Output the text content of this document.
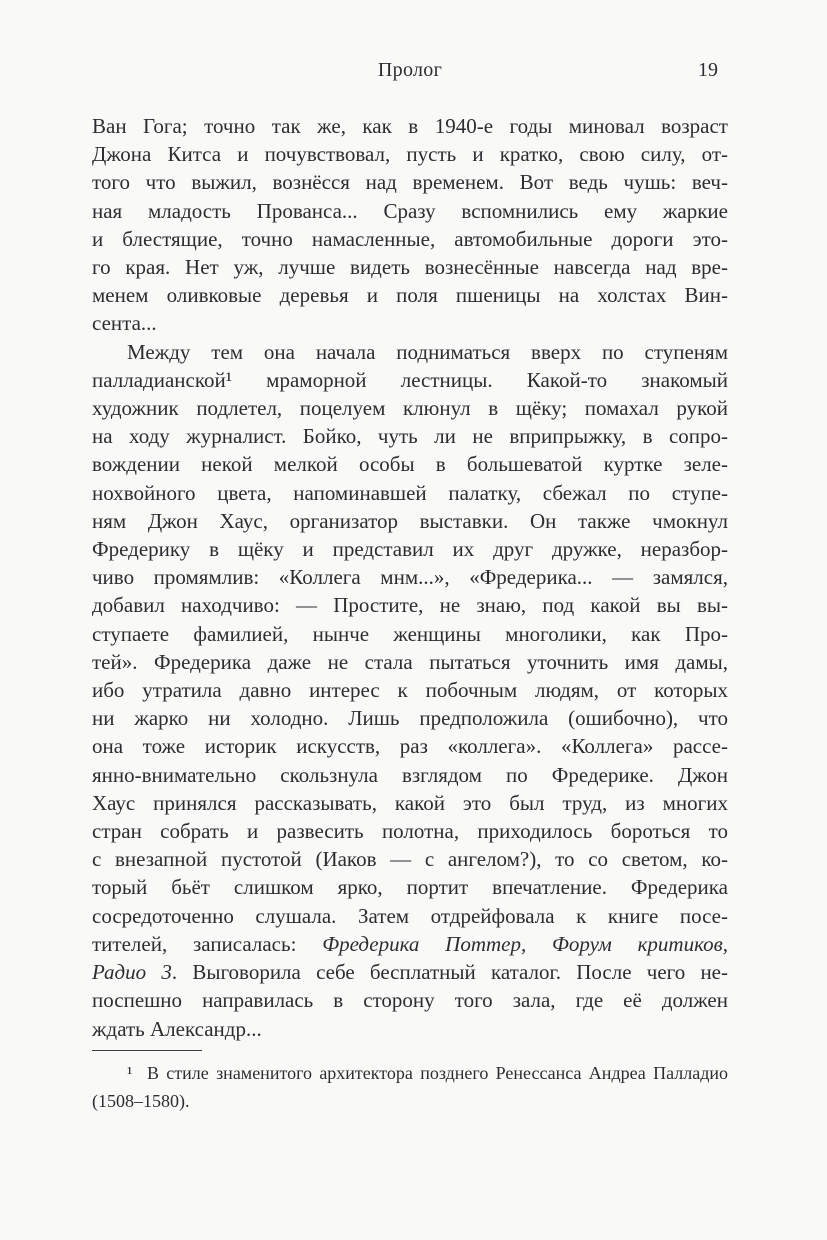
Пролог	19
Ван Гога; точно так же, как в 1940-е годы миновал возраст
Джона Китса и почувствовал, пусть и кратко, свою силу, от-
того что выжил, вознёсся над временем. Вот ведь чушь: веч-
ная младость Прованса... Сразу вспомнились ему жаркие
и блестящие, точно намасленные, автомобильные дороги это-
го края. Нет уж, лучше видеть вознесённые навсегда над вре-
менем оливковые деревья и поля пшеницы на холстах Вин-
сента...
Между тем она начала подниматься вверх по ступеням
палладианской¹ мраморной лестницы. Какой-то знакомый
художник подлетел, поцелуем клюнул в щёку; помахал рукой
на ходу журналист. Бойко, чуть ли не вприпрыжку, в сопро-
вождении некой мелкой особы в большеватой куртке зеле-
нохвойного цвета, напоминавшей палатку, сбежал по ступе-
ням Джон Хаус, организатор выставки. Он также чмокнул
Фредерику в щёку и представил их друг дружке, неразбор-
чиво промямлив: «Коллега мнм...», «Фредерика... — замялся,
добавил находчиво: — Простите, не знаю, под какой вы вы-
ступаете фамилией, нынче женщины многолики, как Про-
тей». Фредерика даже не стала пытаться уточнить имя дамы,
ибо утратила давно интерес к побочным людям, от которых
ни жарко ни холодно. Лишь предположила (ошибочно), что
она тоже историк искусств, раз «коллега». «Коллега» рассе-
янно-внимательно скользнула взглядом по Фредерике. Джон
Хаус принялся рассказывать, какой это был труд, из многих
стран собрать и развесить полотна, приходилось бороться то
с внезапной пустотой (Иаков — с ангелом?), то со светом, ко-
торый бьёт слишком ярко, портит впечатление. Фредерика
сосредоточенно слушала. Затем отдрейфовала к книге посе-
тителей, записалась: Фредерика Поттер, Форум критиков,
Радио 3. Выговорила себе бесплатный каталог. После чего не-
поспешно направилась в сторону того зала, где её должен
ждать Александр...
¹  В стиле знаменитого архитектора позднего Ренессанса Андреа Палладио
(1508–1580).
